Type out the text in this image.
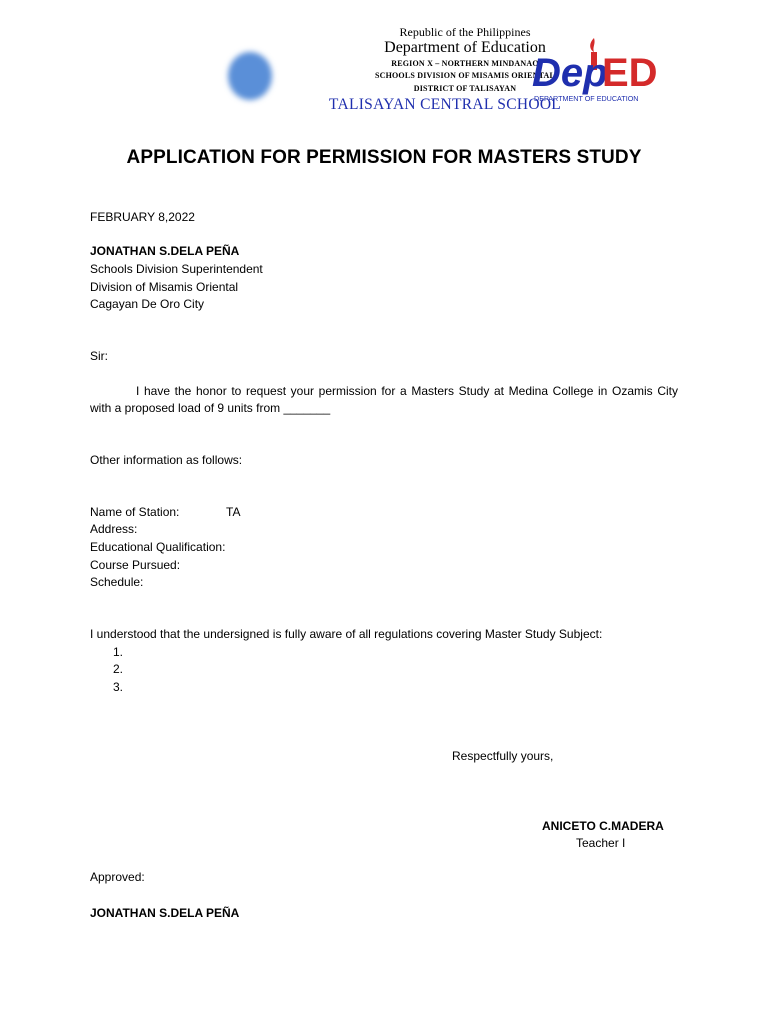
Republic of the Philippines
Department of Education
REGION X – NORTHERN MINDANAO
SCHOOLS DIVISION OF MISAMIS ORIENTAL
DISTRICT OF TALISAYAN
TALISAYAN CENTRAL SCHOOL
Dep
ED
DEPARTMENT OF EDUCATION
APPLICATION FOR PERMISSION FOR MASTERS STUDY
FEBRUARY 8,2022
JONATHAN S.DELA PEÑA
Schools Division Superintendent
Division of Misamis Oriental
Cagayan De Oro City
Sir:
I have the honor to request your permission for a Masters Study at Medina College in Ozamis City with a proposed load of 9 units from _______
Other information as follows:
Name of Station:	TA
Address:
Educational Qualification:
Course Pursued:
Schedule:
I understood that the undersigned is fully aware of all regulations covering Master Study Subject:
1.
2.
3.
Respectfully yours,
ANICETO C.MADERA
Teacher I
Approved:
JONATHAN S.DELA PEÑA
